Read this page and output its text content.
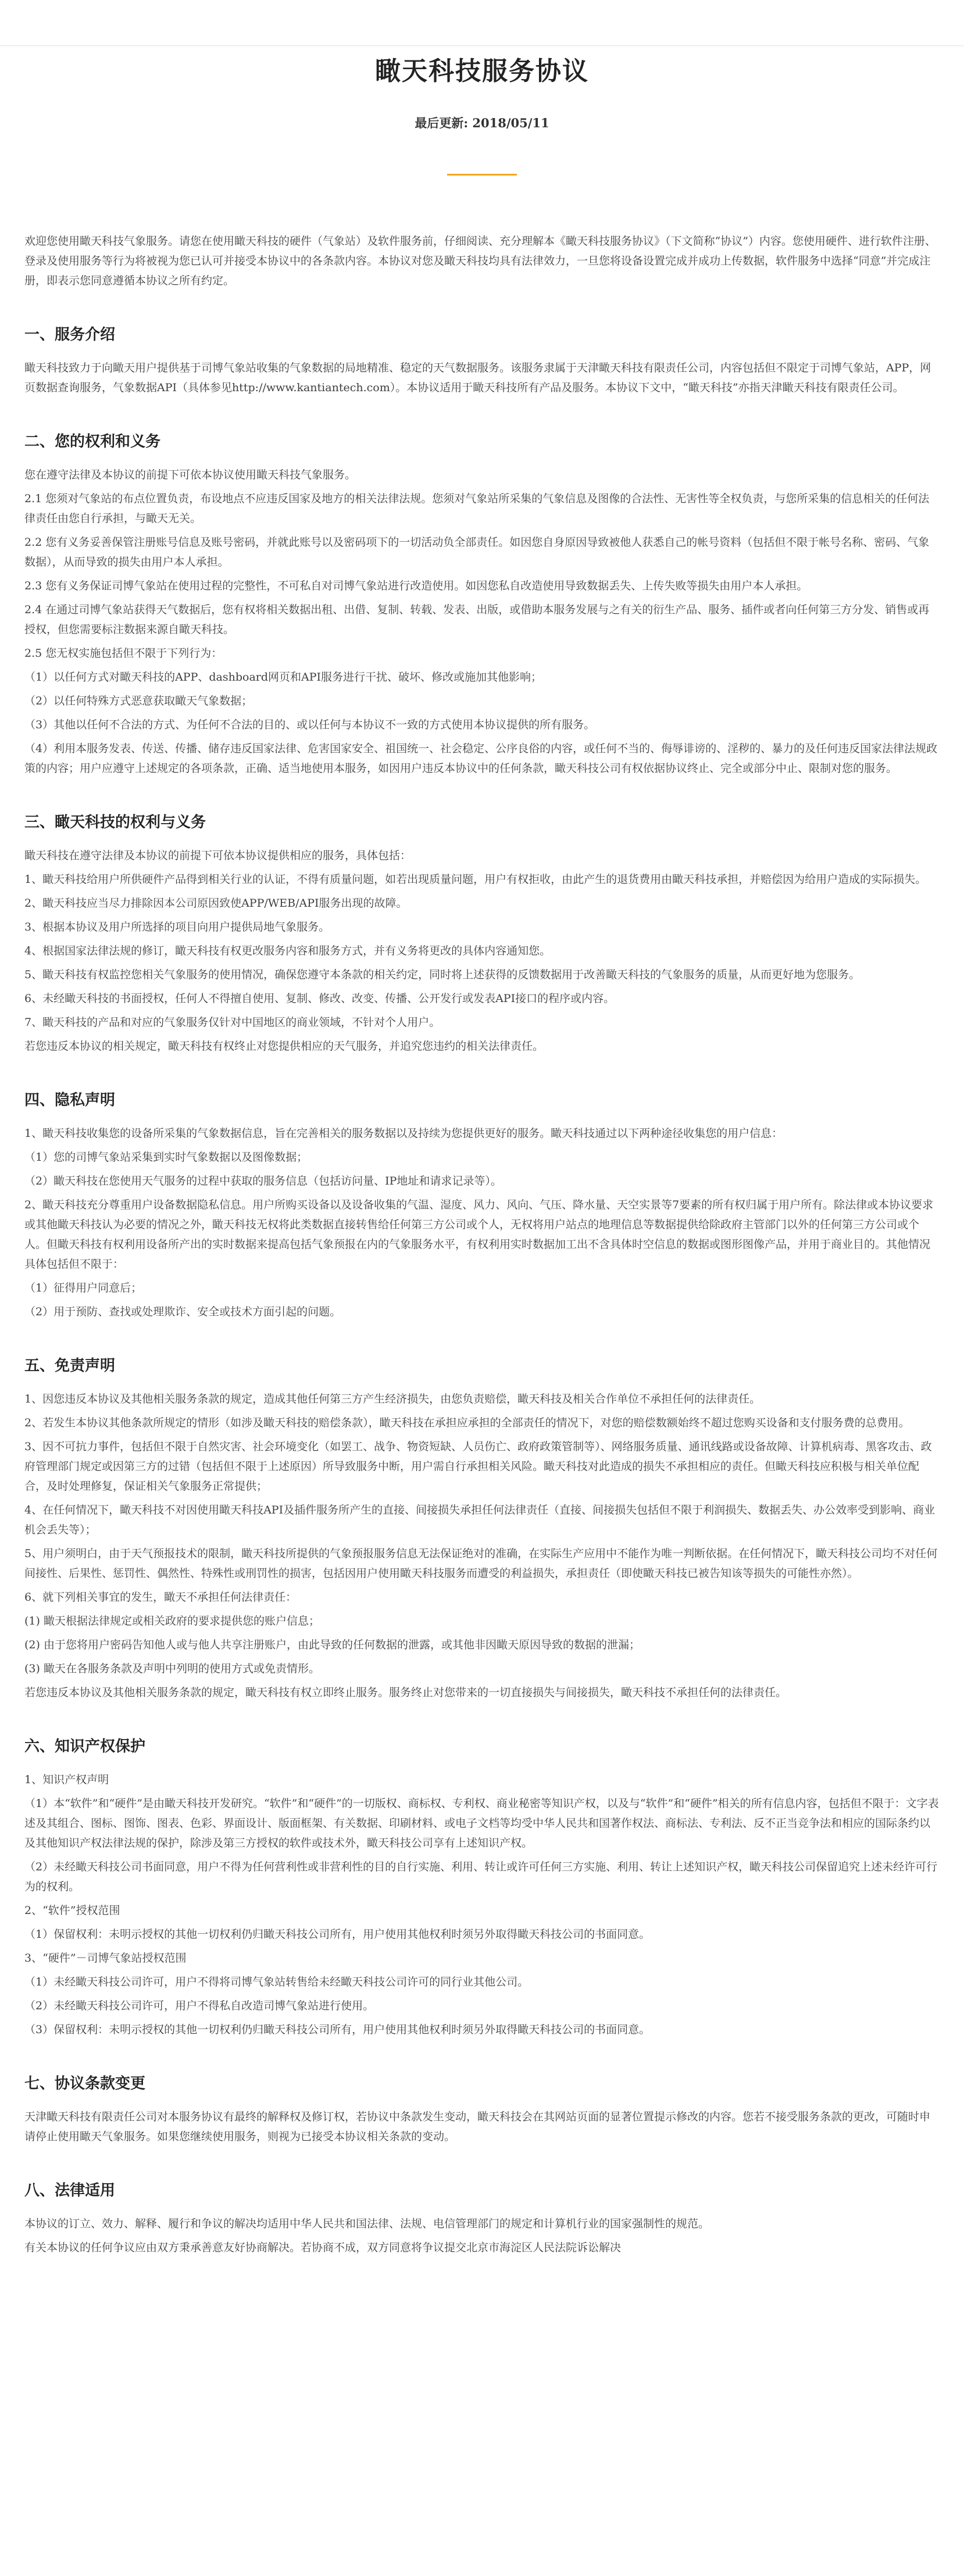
瞰天科技服务协议
最后更新: 2018/05/11

欢迎您使用瞰天科技气象服务。请您在使用瞰天科技的硬件（气象站）及软件服务前，仔细阅读、充分理解本《瞰天科技服务协议》（下文简称“协议”）内容。您使用硬件、进行软件注册、登录及使用服务等行为将被视为您已认可并接受本协议中的各条款内容。本协议对您及瞰天科技均具有法律效力，一旦您将设备设置完成并成功上传数据，软件服务中选择“同意”并完成注册，即表示您同意遵循本协议之所有约定。

一、服务介绍

瞰天科技致力于向瞰天用户提供基于司博气象站收集的气象数据的局地精准、稳定的天气数据服务。该服务隶属于天津瞰天科技有限责任公司，内容包括但不限定于司博气象站，APP，网页数据查询服务，气象数据API（具体参见http://www.kantiantech.com）。本协议适用于瞰天科技所有产品及服务。本协议下文中，“瞰天科技”亦指天津瞰天科技有限责任公司。

二、您的权利和义务

您在遵守法律及本协议的前提下可依本协议使用瞰天科技气象服务。

2.1 您须对气象站的布点位置负责，布设地点不应违反国家及地方的相关法律法规。您须对气象站所采集的气象信息及图像的合法性、无害性等全权负责，与您所采集的信息相关的任何法律责任由您自行承担，与瞰天无关。

2.2 您有义务妥善保管注册账号信息及账号密码，并就此账号以及密码项下的一切活动负全部责任。如因您自身原因导致被他人获悉自己的帐号资料（包括但不限于帐号名称、密码、气象数据），从而导致的损失由用户本人承担。

2.3 您有义务保证司博气象站在使用过程的完整性，不可私自对司博气象站进行改造使用。如因您私自改造使用导致数据丢失、上传失败等损失由用户本人承担。

2.4 在通过司博气象站获得天气数据后，您有权将相关数据出租、出借、复制、转载、发表、出版，或借助本服务发展与之有关的衍生产品、服务、插件或者向任何第三方分发、销售或再授权，但您需要标注数据来源自瞰天科技。

2.5 您无权实施包括但不限于下列行为：

（1）以任何方式对瞰天科技的APP、dashboard网页和API服务进行干扰、破坏、修改或施加其他影响；

（2）以任何特殊方式恶意获取瞰天气象数据；

（3）其他以任何不合法的方式、为任何不合法的目的、或以任何与本协议不一致的方式使用本协议提供的所有服务。

（4）利用本服务发表、传送、传播、储存违反国家法律、危害国家安全、祖国统一、社会稳定、公序良俗的内容，或任何不当的、侮辱诽谤的、淫秽的、暴力的及任何违反国家法律法规政策的内容；用户应遵守上述规定的各项条款，正确、适当地使用本服务，如因用户违反本协议中的任何条款，瞰天科技公司有权依据协议终止、完全或部分中止、限制对您的服务。

三、瞰天科技的权利与义务

瞰天科技在遵守法律及本协议的前提下可依本协议提供相应的服务，具体包括：

1、瞰天科技给用户所供硬件产品得到相关行业的认证，不得有质量问题，如若出现质量问题，用户有权拒收，由此产生的退货费用由瞰天科技承担，并赔偿因为给用户造成的实际损失。

2、瞰天科技应当尽力排除因本公司原因致使APP/WEB/API服务出现的故障。

3、根据本协议及用户所选择的项目向用户提供局地气象服务。

4、根据国家法律法规的修订，瞰天科技有权更改服务内容和服务方式，并有义务将更改的具体内容通知您。

5、瞰天科技有权监控您相关气象服务的使用情况，确保您遵守本条款的相关约定，同时将上述获得的反馈数据用于改善瞰天科技的气象服务的质量，从而更好地为您服务。

6、未经瞰天科技的书面授权，任何人不得擅自使用、复制、修改、改变、传播、公开发行或发表API接口的程序或内容。

7、瞰天科技的产品和对应的气象服务仅针对中国地区的商业领域，不针对个人用户。

若您违反本协议的相关规定，瞰天科技有权终止对您提供相应的天气服务，并追究您违约的相关法律责任。

四、隐私声明

1、瞰天科技收集您的设备所采集的气象数据信息，旨在完善相关的服务数据以及持续为您提供更好的服务。瞰天科技通过以下两种途径收集您的用户信息：

（1）您的司博气象站采集到实时气象数据以及图像数据；

（2）瞰天科技在您使用天气服务的过程中获取的服务信息（包括访问量、IP地址和请求记录等）。

2、瞰天科技充分尊重用户设备数据隐私信息。用户所购买设备以及设备收集的气温、湿度、风力、风向、气压、降水量、天空实景等7要素的所有权归属于用户所有。除法律或本协议要求或其他瞰天科技认为必要的情况之外，瞰天科技无权将此类数据直接转售给任何第三方公司或个人，无权将用户站点的地理信息等数据提供给除政府主管部门以外的任何第三方公司或个人。但瞰天科技有权利用设备所产出的实时数据来提高包括气象预报在内的气象服务水平，有权利用实时数据加工出不含具体时空信息的数据或图形图像产品，并用于商业目的。其他情况具体包括但不限于：

（1）征得用户同意后；

（2）用于预防、查找或处理欺诈、安全或技术方面引起的问题。

五、免责声明

1、因您违反本协议及其他相关服务条款的规定，造成其他任何第三方产生经济损失，由您负责赔偿，瞰天科技及相关合作单位不承担任何的法律责任。

2、若发生本协议其他条款所规定的情形（如涉及瞰天科技的赔偿条款），瞰天科技在承担应承担的全部责任的情况下，对您的赔偿数额始终不超过您购买设备和支付服务费的总费用。

3、因不可抗力事件，包括但不限于自然灾害、社会环境变化（如罢工、战争、物资短缺、人员伤亡、政府政策管制等）、网络服务质量、通讯线路或设备故障、计算机病毒、黑客攻击、政府管理部门规定或因第三方的过错（包括但不限于上述原因）所导致服务中断，用户需自行承担相关风险。瞰天科技对此造成的损失不承担相应的责任。但瞰天科技应积极与相关单位配合，及时处理修复，保证相关气象服务正常提供；

4、在任何情况下，瞰天科技不对因使用瞰天科技API及插件服务所产生的直接、间接损失承担任何法律责任（直接、间接损失包括但不限于利润损失、数据丢失、办公效率受到影响、商业机会丢失等）；

5、用户须明白，由于天气预报技术的限制，瞰天科技所提供的气象预报服务信息无法保证绝对的准确，在实际生产应用中不能作为唯一判断依据。在任何情况下，瞰天科技公司均不对任何间接性、后果性、惩罚性、偶然性、特殊性或刑罚性的损害，包括因用户使用瞰天科技服务而遭受的利益损失，承担责任（即使瞰天科技已被告知该等损失的可能性亦然）。

6、就下列相关事宜的发生，瞰天不承担任何法律责任：

(1) 瞰天根据法律规定或相关政府的要求提供您的账户信息；

(2) 由于您将用户密码告知他人或与他人共享注册账户，由此导致的任何数据的泄露，或其他非因瞰天原因导致的数据的泄漏；

(3) 瞰天在各服务条款及声明中列明的使用方式或免责情形。

若您违反本协议及其他相关服务条款的规定，瞰天科技有权立即终止服务。服务终止对您带来的一切直接损失与间接损失，瞰天科技不承担任何的法律责任。

六、知识产权保护

1、知识产权声明

（1）本“软件”和“硬件”是由瞰天科技开发研究。“软件”和“硬件”的一切版权、商标权、专利权、商业秘密等知识产权，以及与“软件”和“硬件”相关的所有信息内容，包括但不限于：文字表述及其组合、图标、图饰、图表、色彩、界面设计、版面框架、有关数据、印刷材料、或电子文档等均受中华人民共和国著作权法、商标法、专利法、反不正当竞争法和相应的国际条约以及其他知识产权法律法规的保护，除涉及第三方授权的软件或技术外，瞰天科技公司享有上述知识产权。

（2）未经瞰天科技公司书面同意，用户不得为任何营利性或非营利性的目的自行实施、利用、转让或许可任何三方实施、利用、转让上述知识产权，瞰天科技公司保留追究上述未经许可行为的权利。

2、“软件”授权范围

（1）保留权利：未明示授权的其他一切权利仍归瞰天科技公司所有，用户使用其他权利时须另外取得瞰天科技公司的书面同意。

3、“硬件”－司博气象站授权范围

（1）未经瞰天科技公司许可，用户不得将司博气象站转售给未经瞰天科技公司许可的同行业其他公司。

（2）未经瞰天科技公司许可，用户不得私自改造司博气象站进行使用。

（3）保留权利：未明示授权的其他一切权利仍归瞰天科技公司所有，用户使用其他权利时须另外取得瞰天科技公司的书面同意。

七、协议条款变更

天津瞰天科技有限责任公司对本服务协议有最终的解释权及修订权，若协议中条款发生变动，瞰天科技会在其网站页面的显著位置提示修改的内容。您若不接受服务条款的更改，可随时申请停止使用瞰天气象服务。如果您继续使用服务，则视为已接受本协议相关条款的变动。

八、法律适用

本协议的订立、效力、解释、履行和争议的解决均适用中华人民共和国法律、法规、电信管理部门的规定和计算机行业的国家强制性的规范。

有关本协议的任何争议应由双方秉承善意友好协商解决。若协商不成，双方同意将争议提交北京市海淀区人民法院诉讼解决
